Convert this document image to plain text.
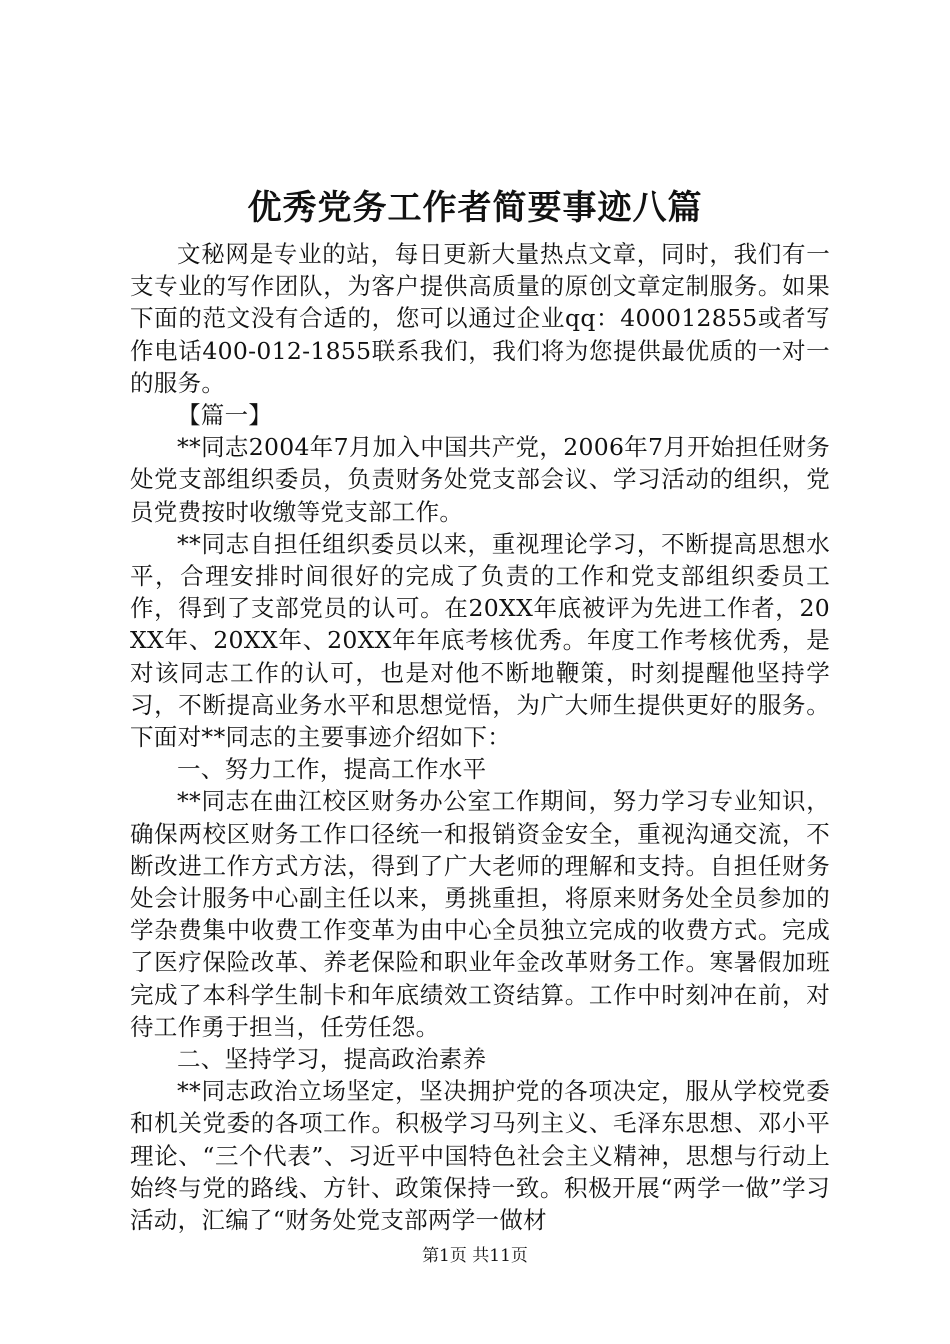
优秀党务工作者简要事迹八篇

文秘网是专业的站，每日更新大量热点文章，同时，我们有一支专业的写作团队，为客户提供高质量的原创文章定制服务。如果下面的范文没有合适的，您可以通过企业qq：400012855或者写作电话400-012-1855联系我们，我们将为您提供最优质的一对一的服务。

【篇一】

**同志2004年7月加入中国共产党，2006年7月开始担任财务处党支部组织委员，负责财务处党支部会议、学习活动的组织，党员党费按时收缴等党支部工作。

**同志自担任组织委员以来，重视理论学习，不断提高思想水平，合理安排时间很好的完成了负责的工作和党支部组织委员工作，得到了支部党员的认可。在20XX年底被评为先进工作者，20XX年、20XX年、20XX年年底考核优秀。年度工作考核优秀，是对该同志工作的认可，也是对他不断地鞭策，时刻提醒他坚持学习，不断提高业务水平和思想觉悟，为广大师生提供更好的服务。下面对**同志的主要事迹介绍如下：

一、努力工作，提高工作水平

**同志在曲江校区财务办公室工作期间，努力学习专业知识，确保两校区财务工作口径统一和报销资金安全，重视沟通交流，不断改进工作方式方法，得到了广大老师的理解和支持。自担任财务处会计服务中心副主任以来，勇挑重担，将原来财务处全员参加的学杂费集中收费工作变革为由中心全员独立完成的收费方式。完成了医疗保险改革、养老保险和职业年金改革财务工作。寒暑假加班完成了本科学生制卡和年底绩效工资结算。工作中时刻冲在前，对待工作勇于担当，任劳任怨。

二、坚持学习，提高政治素养

**同志政治立场坚定，坚决拥护党的各项决定，服从学校党委和机关党委的各项工作。积极学习马列主义、毛泽东思想、邓小平理论、“三个代表”、习近平中国特色社会主义精神，思想与行动上始终与党的路线、方针、政策保持一致。积极开展“两学一做”学习活动，汇编了“财务处党支部两学一做材

第1页 共11页
